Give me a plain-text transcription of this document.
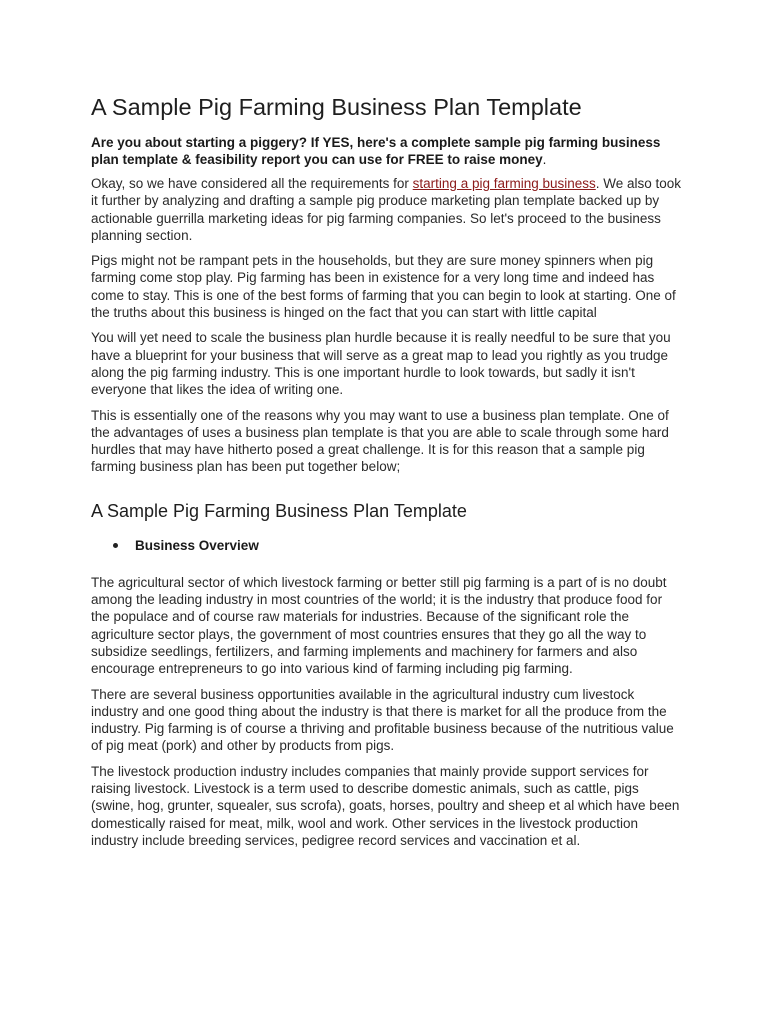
A Sample Pig Farming Business Plan Template

Are you about starting a piggery? If YES, here's a complete sample pig farming business plan template & feasibility report you can use for FREE to raise money.

Okay, so we have considered all the requirements for starting a pig farming business. We also took it further by analyzing and drafting a sample pig produce marketing plan template backed up by actionable guerrilla marketing ideas for pig farming companies. So let's proceed to the business planning section.

Pigs might not be rampant pets in the households, but they are sure money spinners when pig farming come stop play. Pig farming has been in existence for a very long time and indeed has come to stay. This is one of the best forms of farming that you can begin to look at starting. One of the truths about this business is hinged on the fact that you can start with little capital

You will yet need to scale the business plan hurdle because it is really needful to be sure that you have a blueprint for your business that will serve as a great map to lead you rightly as you trudge along the pig farming industry. This is one important hurdle to look towards, but sadly it isn't everyone that likes the idea of writing one.

This is essentially one of the reasons why you may want to use a business plan template. One of the advantages of uses a business plan template is that you are able to scale through some hard hurdles that may have hitherto posed a great challenge. It is for this reason that a sample pig farming business plan has been put together below;

A Sample Pig Farming Business Plan Template
Business Overview

The agricultural sector of which livestock farming or better still pig farming is a part of is no doubt among the leading industry in most countries of the world; it is the industry that produce food for the populace and of course raw materials for industries. Because of the significant role the agriculture sector plays, the government of most countries ensures that they go all the way to subsidize seedlings, fertilizers, and farming implements and machinery for farmers and also encourage entrepreneurs to go into various kind of farming including pig farming.

There are several business opportunities available in the agricultural industry cum livestock industry and one good thing about the industry is that there is market for all the produce from the industry. Pig farming is of course a thriving and profitable business because of the nutritious value of pig meat (pork) and other by products from pigs.

The livestock production industry includes companies that mainly provide support services for raising livestock. Livestock is a term used to describe domestic animals, such as cattle, pigs (swine, hog, grunter, squealer, sus scrofa), goats, horses, poultry and sheep et al which have been domestically raised for meat, milk, wool and work. Other services in the livestock production industry include breeding services, pedigree record services and vaccination et al.
